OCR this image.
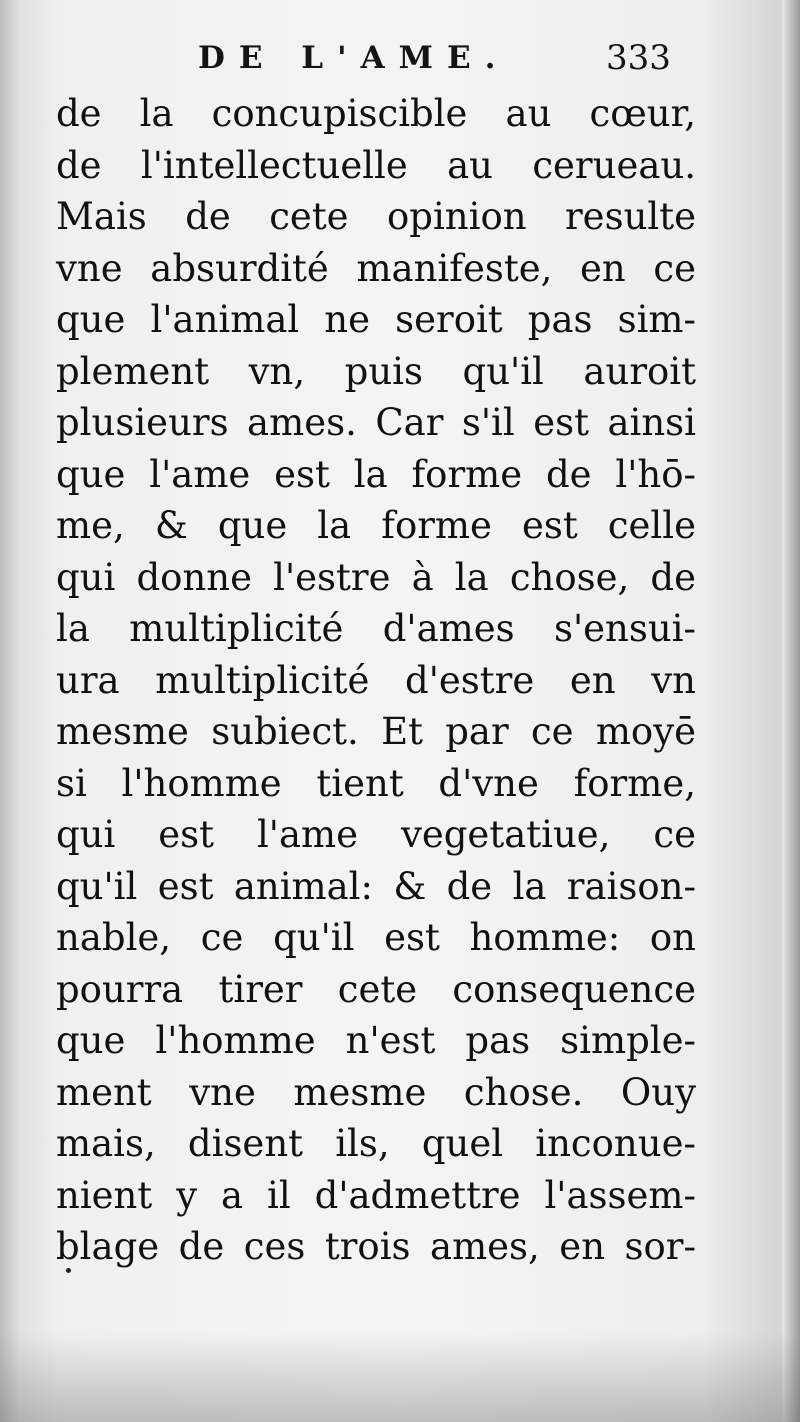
DE L'AME.	333
de la concupiscible au cœur,
de l'intellectuelle au cerueau.
Mais de cete opinion resulte
vne absurdité manifeste, en ce
que l'animal ne seroit pas sim-
plement vn, puis qu'il auroit
plusieurs ames. Car s'il est ainsi
que l'ame est la forme de l'hō-
me, & que la forme est celle
qui donne l'estre à la chose, de
la multiplicité d'ames s'ensui-
ura multiplicité d'estre en vn
mesme subiect. Et par ce moyē
si l'homme tient d'vne forme,
qui est l'ame vegetatiue, ce
qu'il est animal: & de la raison-
nable, ce qu'il est homme: on
pourra tirer cete consequence
que l'homme n'est pas simple-
ment vne mesme chose. Ouy
mais, disent ils, quel inconue-
nient y a il d'admettre l'assem-
blage de ces trois ames, en sor-
